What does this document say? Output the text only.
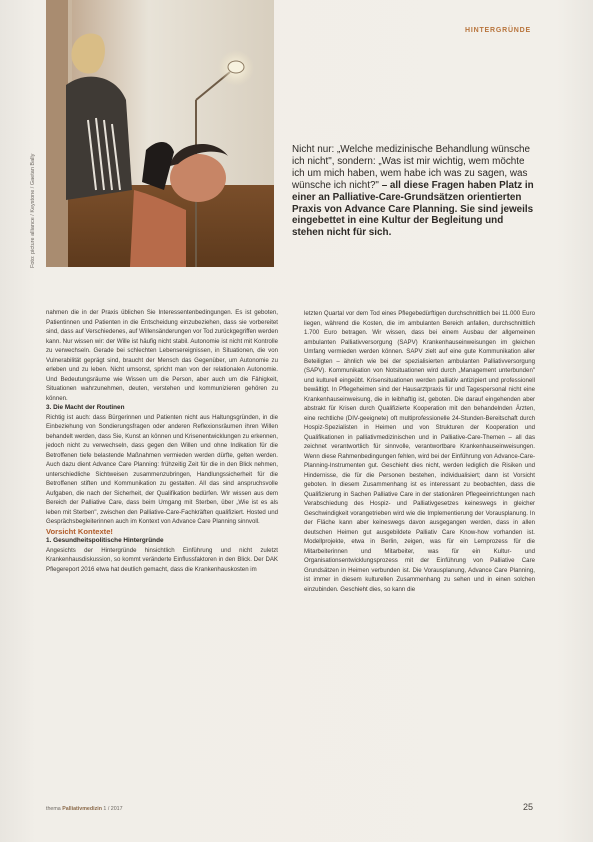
HINTERGRÜNDE
Foto: picture alliance / Keystone / Gaetan Bally

Nicht nur: „Welche medizinische Behandlung wünsche ich nicht", sondern: „Was ist mir wichtig, wem möchte ich um mich haben, wem habe ich was zu sagen, was wünsche ich nicht?" – all diese Fragen haben Platz in einer an Palliative-Care-Grundsätzen orientierten Praxis von Advance Care Planning. Sie sind jeweils eingebettet in eine Kultur der Begleitung und stehen nicht für sich.

nahmen die in der Praxis üblichen Sie Interessentenbedingungen. Es ist geboten, Patientinnen und Patienten in die Entscheidung einzubeziehen, dass sie vorbereitet sind, dass auf Verschiedenes, auf Willensänderungen vor Tod zurückgegriffen werden kann. Nur wissen wir: der Wille ist häufig nicht stabil. Autonomie ist nicht mit Kontrolle zu verwechseln. Gerade bei schlechten Lebensereignissen, in Situationen, die von Vulnerabilität geprägt sind, braucht der Mensch das Gegenüber, um Autonomie zu erleben und zu leben. Nicht umsonst, spricht man von der relationalen Autonomie. Und Bedeutungsräume wie Wissen um die Person, aber auch um die Fähigkeit, Situationen wahrzunehmen, deuten, verstehen und kommunizieren gehören zu können.

3. Die Macht der Routinen

Richtig ist auch: dass Bürgerinnen und Patienten nicht aus Haltungsgründen, in die Einbeziehung von Sondierungsfragen oder anderen Reflexionsräumen ihren Willen behandelt werden, dass Sie, Kunst an können und Krisenentwicklungen zu erkennen, jedoch nicht zu verwechseln, dass gegen den Willen und ohne Indikation für die Betroffenen tiefe belastende Maßnahmen vermieden werden dürfte, gelten werden. Auch dazu dient Advance Care Planning: frühzeitig Zeit für die in den Blick nehmen, unterschiedliche Sichtweisen zusammenzubringen, Handlungssicherheit für die Betroffenen stiften und Kommunikation zu gestalten. All das sind anspruchsvolle Aufgaben, die nach der Sicherheit, der Qualifikation bedürfen. Wir wissen aus dem Bereich der Palliative Care, dass beim Umgang mit Sterben, über „Wie ist es als leben mit Sterben", zwischen den Palliative-Care-Fachkräften qualifiziert. Hosted und Gesprächsbegleiterinnen auch im Kontext von Advance Care Planning sinnvoll.

Vorsicht Kontexte!

1. Gesundheitspolitische Hintergründe

Angesichts der Hintergründe hinsichtlich Einführung und nicht zuletzt Krankenhausdiskussion, so kommt veränderte Einflussfaktoren in den Blick. Der DAK Pflegereport 2016 etwa hat deutlich gemacht, dass die Krankenhauskosten im

letzten Quartal vor dem Tod eines Pflegebedürftigen durchschnittlich bei 11.000 Euro liegen, während die Kosten, die im ambulanten Bereich anfallen, durchschnittlich 1.700 Euro betragen. Wir wissen, dass bei einem Ausbau der allgemeinen ambulanten Palliativversorgung (SAPV) Krankenhauseinweisungen im gleichen Umfang vermieden werden können. SAPV zielt auf eine gute Kommunikation aller Beteiligten – ähnlich wie bei der spezialisierten ambulanten Palliativversorgung (SAPV). Kommunikation von Notsituationen wird durch „Management unterbunden" und kulturell eingeübt. Krisensituationen werden palliativ antizipiert und professionell bewältigt. In Pflegeheimen sind der Hausarztpraxis für und Tagespersonal nicht eine Krankenhauseinweisung, die in leibhaftig ist, geboten. Die darauf eingehenden aber abstrakt für Krisen durch Qualifizierte Kooperation mit den behandelnden Ärzten, eine rechtliche (DIV-geeignete) oft multiprofessionelle 24-Stunden-Bereitschaft durch Hospiz-Spezialisten in Heimen und von Strukturen der Kooperation und Qualifikationen in palliativmedizinischen und in Palliative-Care-Themen – all das zeichnet verantwortlich für sinnvolle, verantwortbare Krankenhauseinweisungen. Wenn diese Rahmenbedingungen fehlen, wird bei der Einführung von Advance-Care-Planning-Instrumenten gut. Geschieht dies nicht, werden lediglich die Risiken und Hindernisse, die für die Personen bestehen, individualisiert; dann ist Vorsicht geboten. In diesem Zusammenhang ist es interessant zu beobachten, dass die Qualifizierung in Sachen Palliative Care in der stationären Pflegeeinrichtungen nach Verabschiedung des Hospiz- und Palliativgesetzes keineswegs in gleicher Geschwindigkeit vorangetrieben wird wie die Implementierung der Vorausplanung. In der Fläche kann aber keineswegs davon ausgegangen werden, dass in allen deutschen Heimen gut ausgebildete Palliativ Care Know-how vorhanden ist. Modellprojekte, etwa in Berlin, zeigen, was für ein Lernprozess für die Mitarbeiterinnen und Mitarbeiter, was für ein Kultur- und Organisationsentwicklungsprozess mit der Einführung von Palliative Care Grundsätzen in Heimen verbunden ist. Die Vorausplanung, Advance Care Planning, ist immer in diesem kulturellen Zusammenhang zu sehen und in einen solchen einzubinden. Geschieht dies, so kann die

thema Palliativmedizin 1 / 2017	25
